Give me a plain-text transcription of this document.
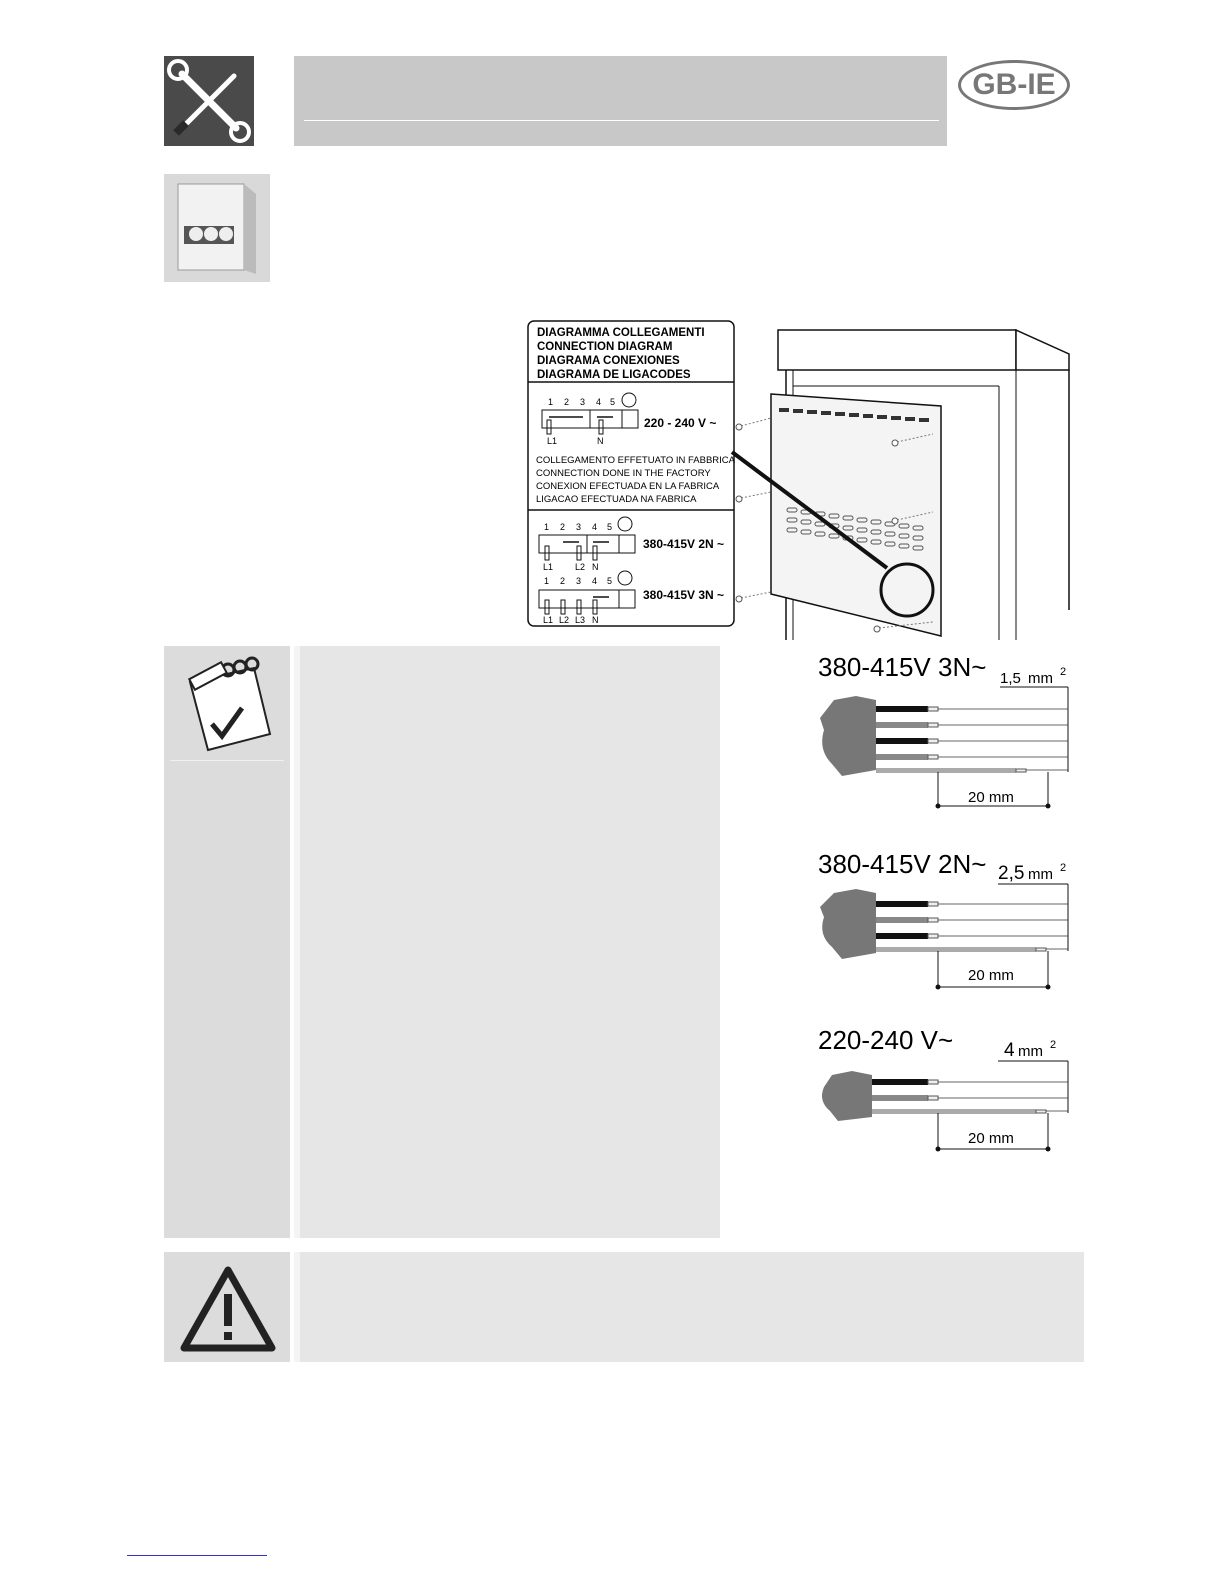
GB-IE
DIAGRAMMA COLLEGAMENTI
CONNECTION DIAGRAM
DIAGRAMA CONEXIONES
DIAGRAMA DE LIGACODES
1 2 3 4 5
L1	N
220 - 240 V ~
COLLEGAMENTO EFFETUATO IN FABBRICA
CONNECTION DONE IN THE FACTORY
CONEXION EFECTUADA EN LA FABRICA
LIGACAO EFECTUADA NA FABRICA
1 2 3 4 5
L1 L2 N
380-415V 2N ~
1 2 3 4 5
L1 L2 L3 N
380-415V 3N ~
380-415V 3N~ 1,5 mm 2
20 mm
380-415V 2N~ 2,5 mm 2
20 mm
220-240 V~	4 mm 2
20 mm
